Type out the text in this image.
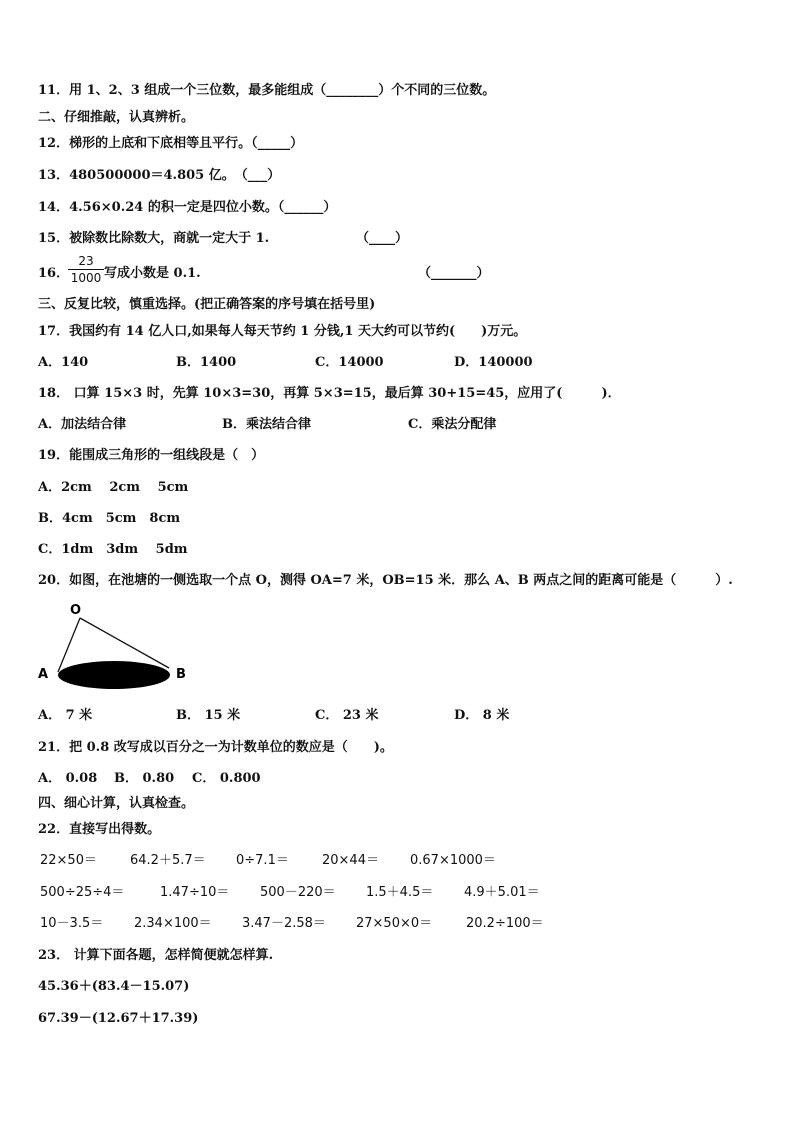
11．用 1、2、3 组成一个三位数，最多能组成（________）个不同的三位数。
二、仔细推敲，认真辨析。
12．梯形的上底和下底相等且平行。（_____）
13．480500000＝4.805 亿。　（___）
14．4.56×0.24 的积一定是四位小数。（______）
15．被除数比除数大，商就一定大于 1.	（____）
16．
$\frac{23}{1000}$ 写成小数是 0.1.	（_______）
三、反复比较，慎重选择。(把正确答案的序号填在括号里)
17．我国约有 14 亿人口,如果每人每天节约 1 分钱,1 天大约可以节约(　　)万元。
A．140	B．1400	C．14000	D．140000
18． 口算 15×3 时，先算 10×3=30，再算 5×3=15，最后算 30+15=45，应用了(　　　)．
A．加法结合律	B．乘法结合律	C．乘法分配律
19．能围成三角形的一组线段是（　）
A．2cm　 2cm　 5cm
B．4cm　5cm　8cm
C．1dm　3dm　 5dm
20．如图，在池塘的一侧选取一个点 O，测得 OA=7 米，OB=15 米．那么 A、B 两点之间的距离可能是（　　　）.
O
A	B
A． 7 米	B． 15 米	C． 23 米	D． 8 米
21．把 0.8 改写成以百分之一为计数单位的数应是（　　)。
A． 0.08 B． 0.80 C． 0.800
四、细心计算，认真检查。
22．直接写出得数。
22×50＝	64.2＋5.7＝ 0÷7.1＝	20×44＝ 0.67×1000＝
500÷25÷4＝	1.47÷10＝ 500－220＝ 1.5＋4.5＝ 4.9＋5.01＝
10－3.5＝ 2.34×100＝ 3.47－2.58＝ 27×50×0＝	20.2÷100＝
23． 计算下面各题，怎样简便就怎样算.
45.36＋(83.4－15.07)
67.39－(12.67＋17.39)
